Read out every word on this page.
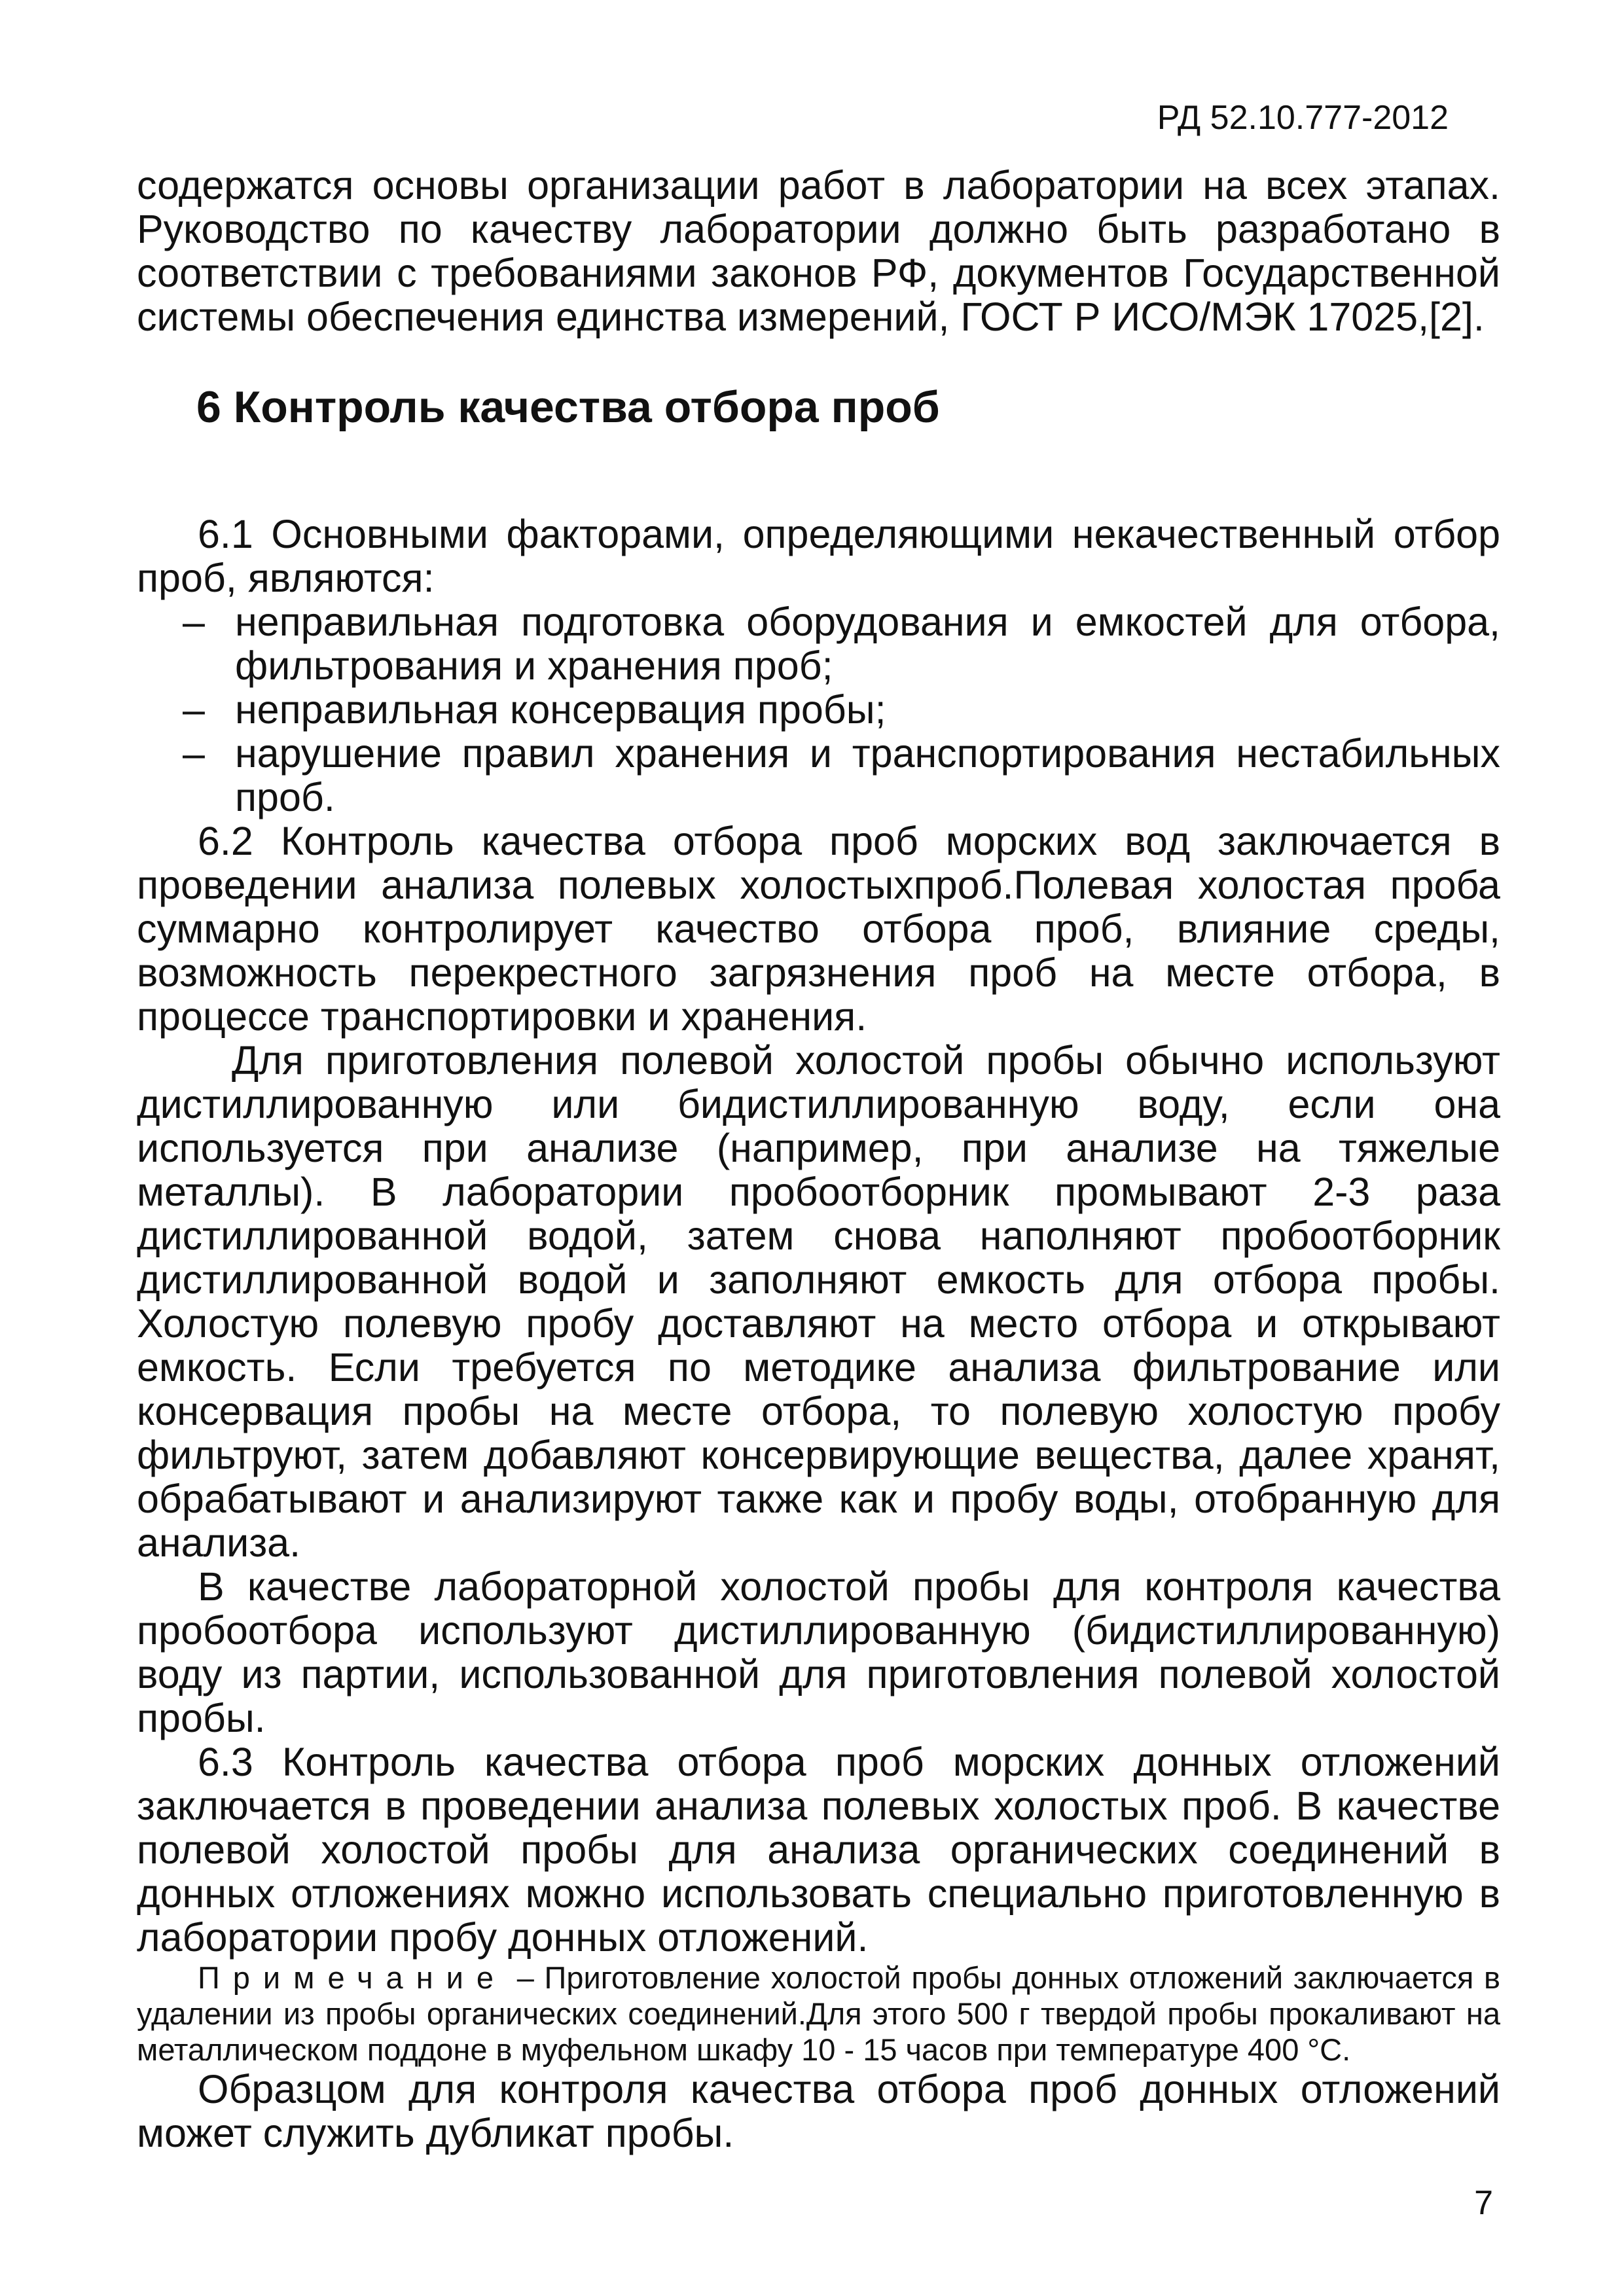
РД 52.10.777-2012

содержатся основы организации работ в лаборатории на всех этапах. Руководство по качеству лаборатории должно быть разработано в соответствии с требованиями законов РФ, документов Государственной системы обеспечения единства измерений, ГОСТ Р ИСО/МЭК 17025,[2].

6 Контроль качества отбора проб

6.1 Основными факторами, определяющими некачественный отбор проб, являются:

– неправильная подготовка оборудования и емкостей для отбора, фильтрования и хранения проб;
– неправильная консервация пробы;
– нарушение правил хранения и транспортирования нестабильных проб.

6.2 Контроль качества отбора проб морских вод заключается в проведении анализа полевых холостыхпроб.Полевая холостая проба суммарно контролирует качество отбора проб, влияние среды, возможность перекрестного загрязнения проб на месте отбора, в процессе транспортировки и хранения.

Для приготовления полевой холостой пробы обычно используют дистиллированную или бидистиллированную воду, если она используется при анализе (например, при анализе на тяжелые металлы). В лаборатории пробоотборник промывают 2-3 раза дистиллированной водой, затем снова наполняют пробоотборник дистиллированной водой и заполняют емкость для отбора пробы. Холостую полевую пробу доставляют на место отбора и открывают емкость. Если требуется по методике анализа фильтрование или консервация пробы на месте отбора, то полевую холостую пробу фильтруют, затем добавляют консервирующие вещества, далее хранят, обрабатывают и анализируют также как и пробу воды, отобранную для анализа.

В качестве лабораторной холостой пробы для контроля качества пробоотбора используют дистиллированную (бидистиллированную) воду из партии, использованной для приготовления полевой холостой пробы.

6.3 Контроль качества отбора проб морских донных отложений заключается в проведении анализа полевых холостых проб. В качестве полевой холостой пробы для анализа органических соединений в донных отложениях можно использовать специально приготовленную в лаборатории пробу донных отложений.

Примечание – Приготовление холостой пробы донных отложений заключается в удалении из пробы органических соединений.Для этого 500 г твердой пробы прокаливают на металлическом поддоне в муфельном шкафу 10 - 15 часов при температуре 400 °С.

Образцом для контроля качества отбора проб донных отложений может служить дубликат пробы.

7
